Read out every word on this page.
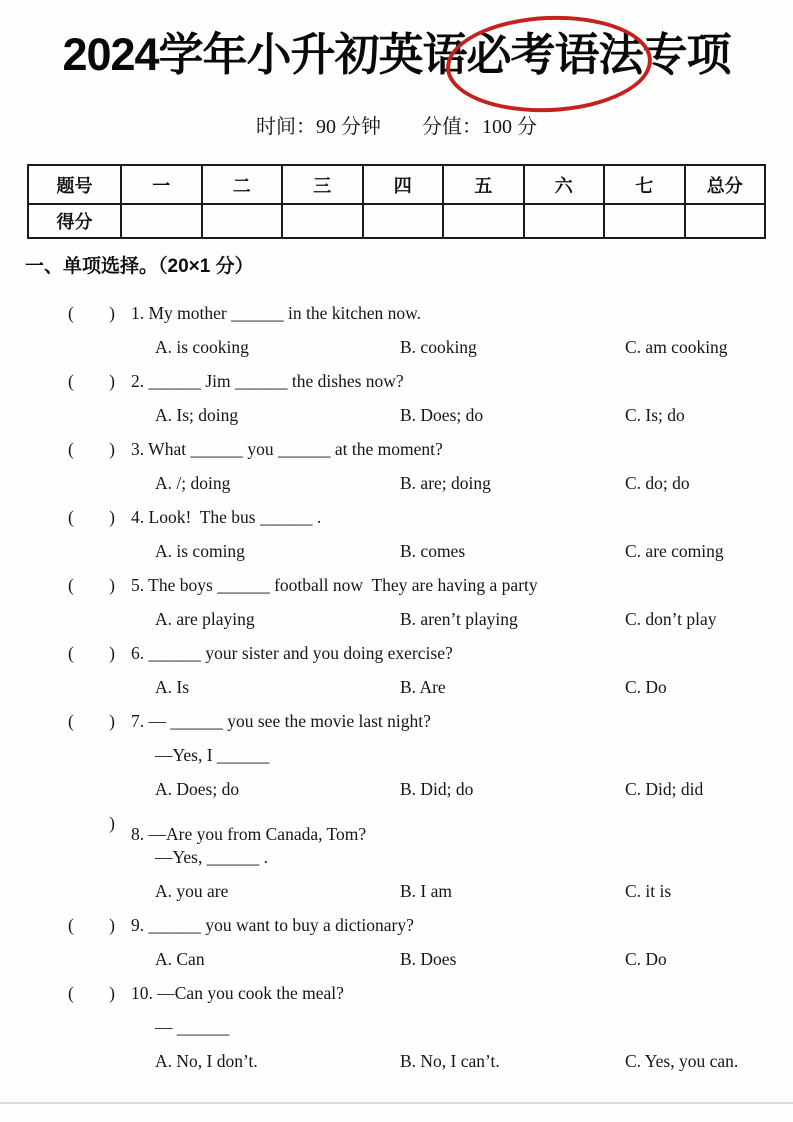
2024学年小升初英语必考语法专项
时间：90 分钟 分值：100 分
题号	一	二	三	四	五	六	七	总分
得分								
一、单项选择。（20×1 分）
( ) 1. My mother ______ in the kitchen now.
A. is cooking	B. cooking	C. am cooking
( ) 2. ______ Jim ______ the dishes now?
A. Is; doing	B. Does; do	C. Is; do
( ) 3. What ______ you ______ at the moment?
A. /; doing	B. are; doing	C. do; do
( ) 4. Look!  The bus ______ .
A. is coming	B. comes	C. are coming
( ) 5. The boys ______ football now  They are having a party
A. are playing	B. aren’t playing	C. don’t play
( ) 6. ______ your sister and you doing exercise?
A. Is	B. Are	C. Do
( ) 7. — ______ you see the movie last night?
—Yes, I ______
A. Does; do	B. Did; do	C. Did; did
)
8. —Are you from Canada, Tom?
—Yes, ______ .
A. you are	B. I am	C. it is
( ) 9. ______ you want to buy a dictionary?
A. Can	B. Does	C. Do
( ) 10. —Can you cook the meal?
— ______
A. No, I don’t.	B. No, I can’t.	C. Yes, you can.
